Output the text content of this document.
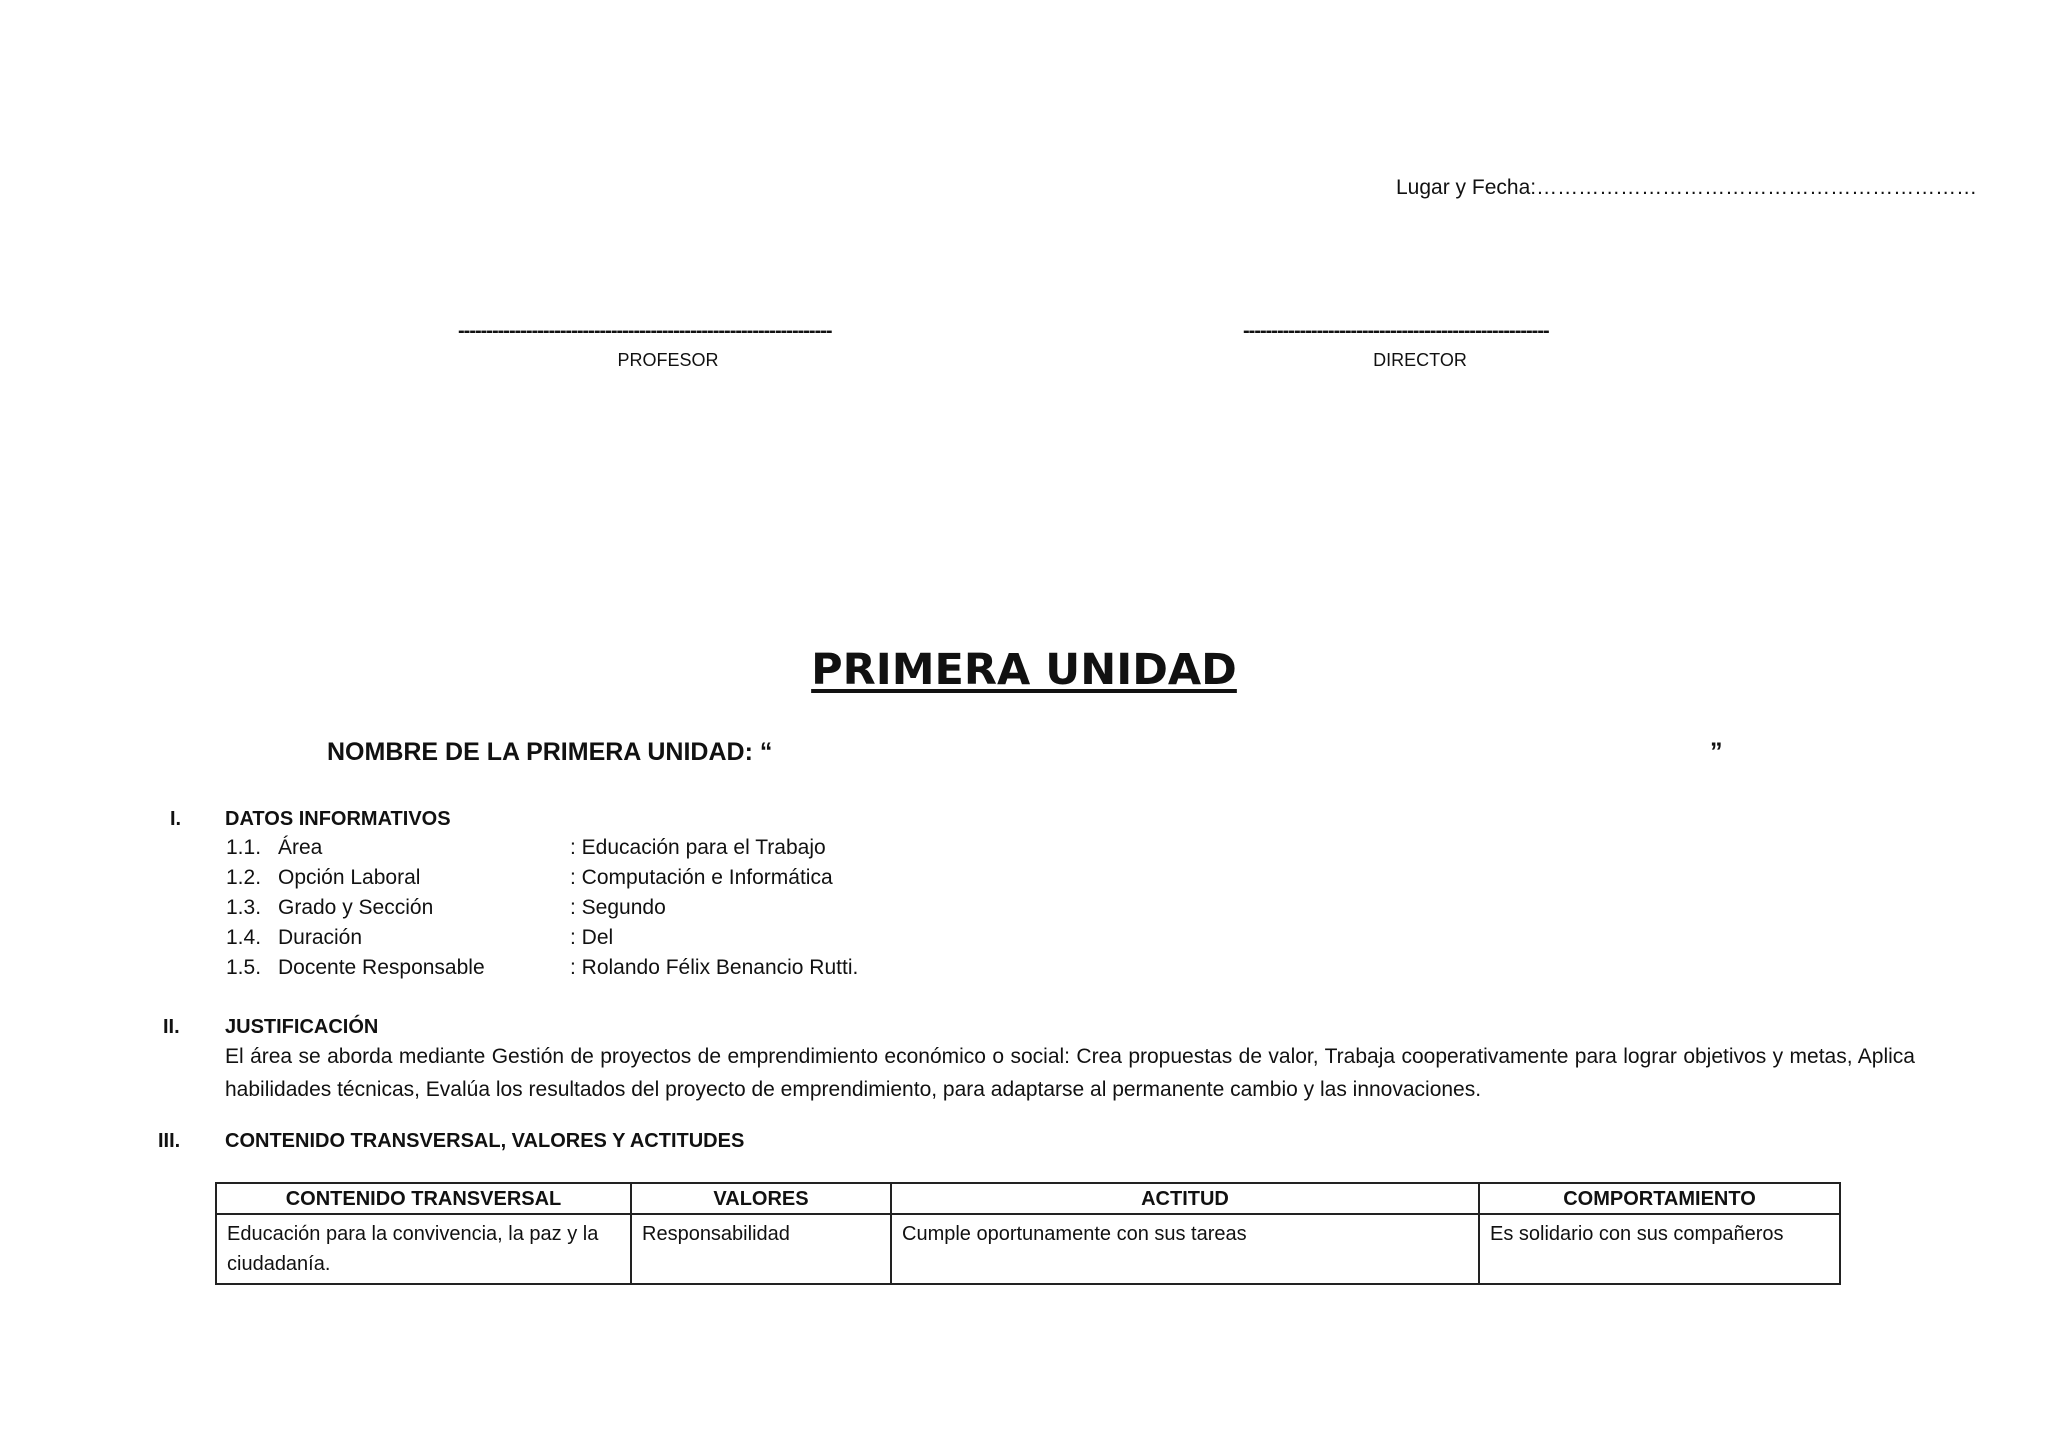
Lugar y Fecha:………………………………………………………
------------------------------------------------------------------
PROFESOR
------------------------------------------------------
DIRECTOR
PRIMERA UNIDAD
NOMBRE DE LA PRIMERA UNIDAD: “	”
I. DATOS INFORMATIVOS
1.1. Área	: Educación para el Trabajo
1.2. Opción Laboral	: Computación e Informática
1.3. Grado y Sección	: Segundo
1.4. Duración	: Del
1.5. Docente Responsable	: Rolando Félix Benancio Rutti.
II. JUSTIFICACIÓN
El área se aborda mediante Gestión de proyectos de emprendimiento económico o social: Crea propuestas de valor, Trabaja cooperativamente para lograr objetivos y metas, Aplica habilidades técnicas, Evalúa los resultados del proyecto de emprendimiento, para adaptarse al permanente cambio y las innovaciones.
III. CONTENIDO TRANSVERSAL, VALORES Y ACTITUDES
CONTENIDO TRANSVERSAL	VALORES	ACTITUD	COMPORTAMIENTO
Educación para la convivencia, la paz y la ciudadanía.	Responsabilidad	Cumple oportunamente con sus tareas	Es solidario con sus compañeros
